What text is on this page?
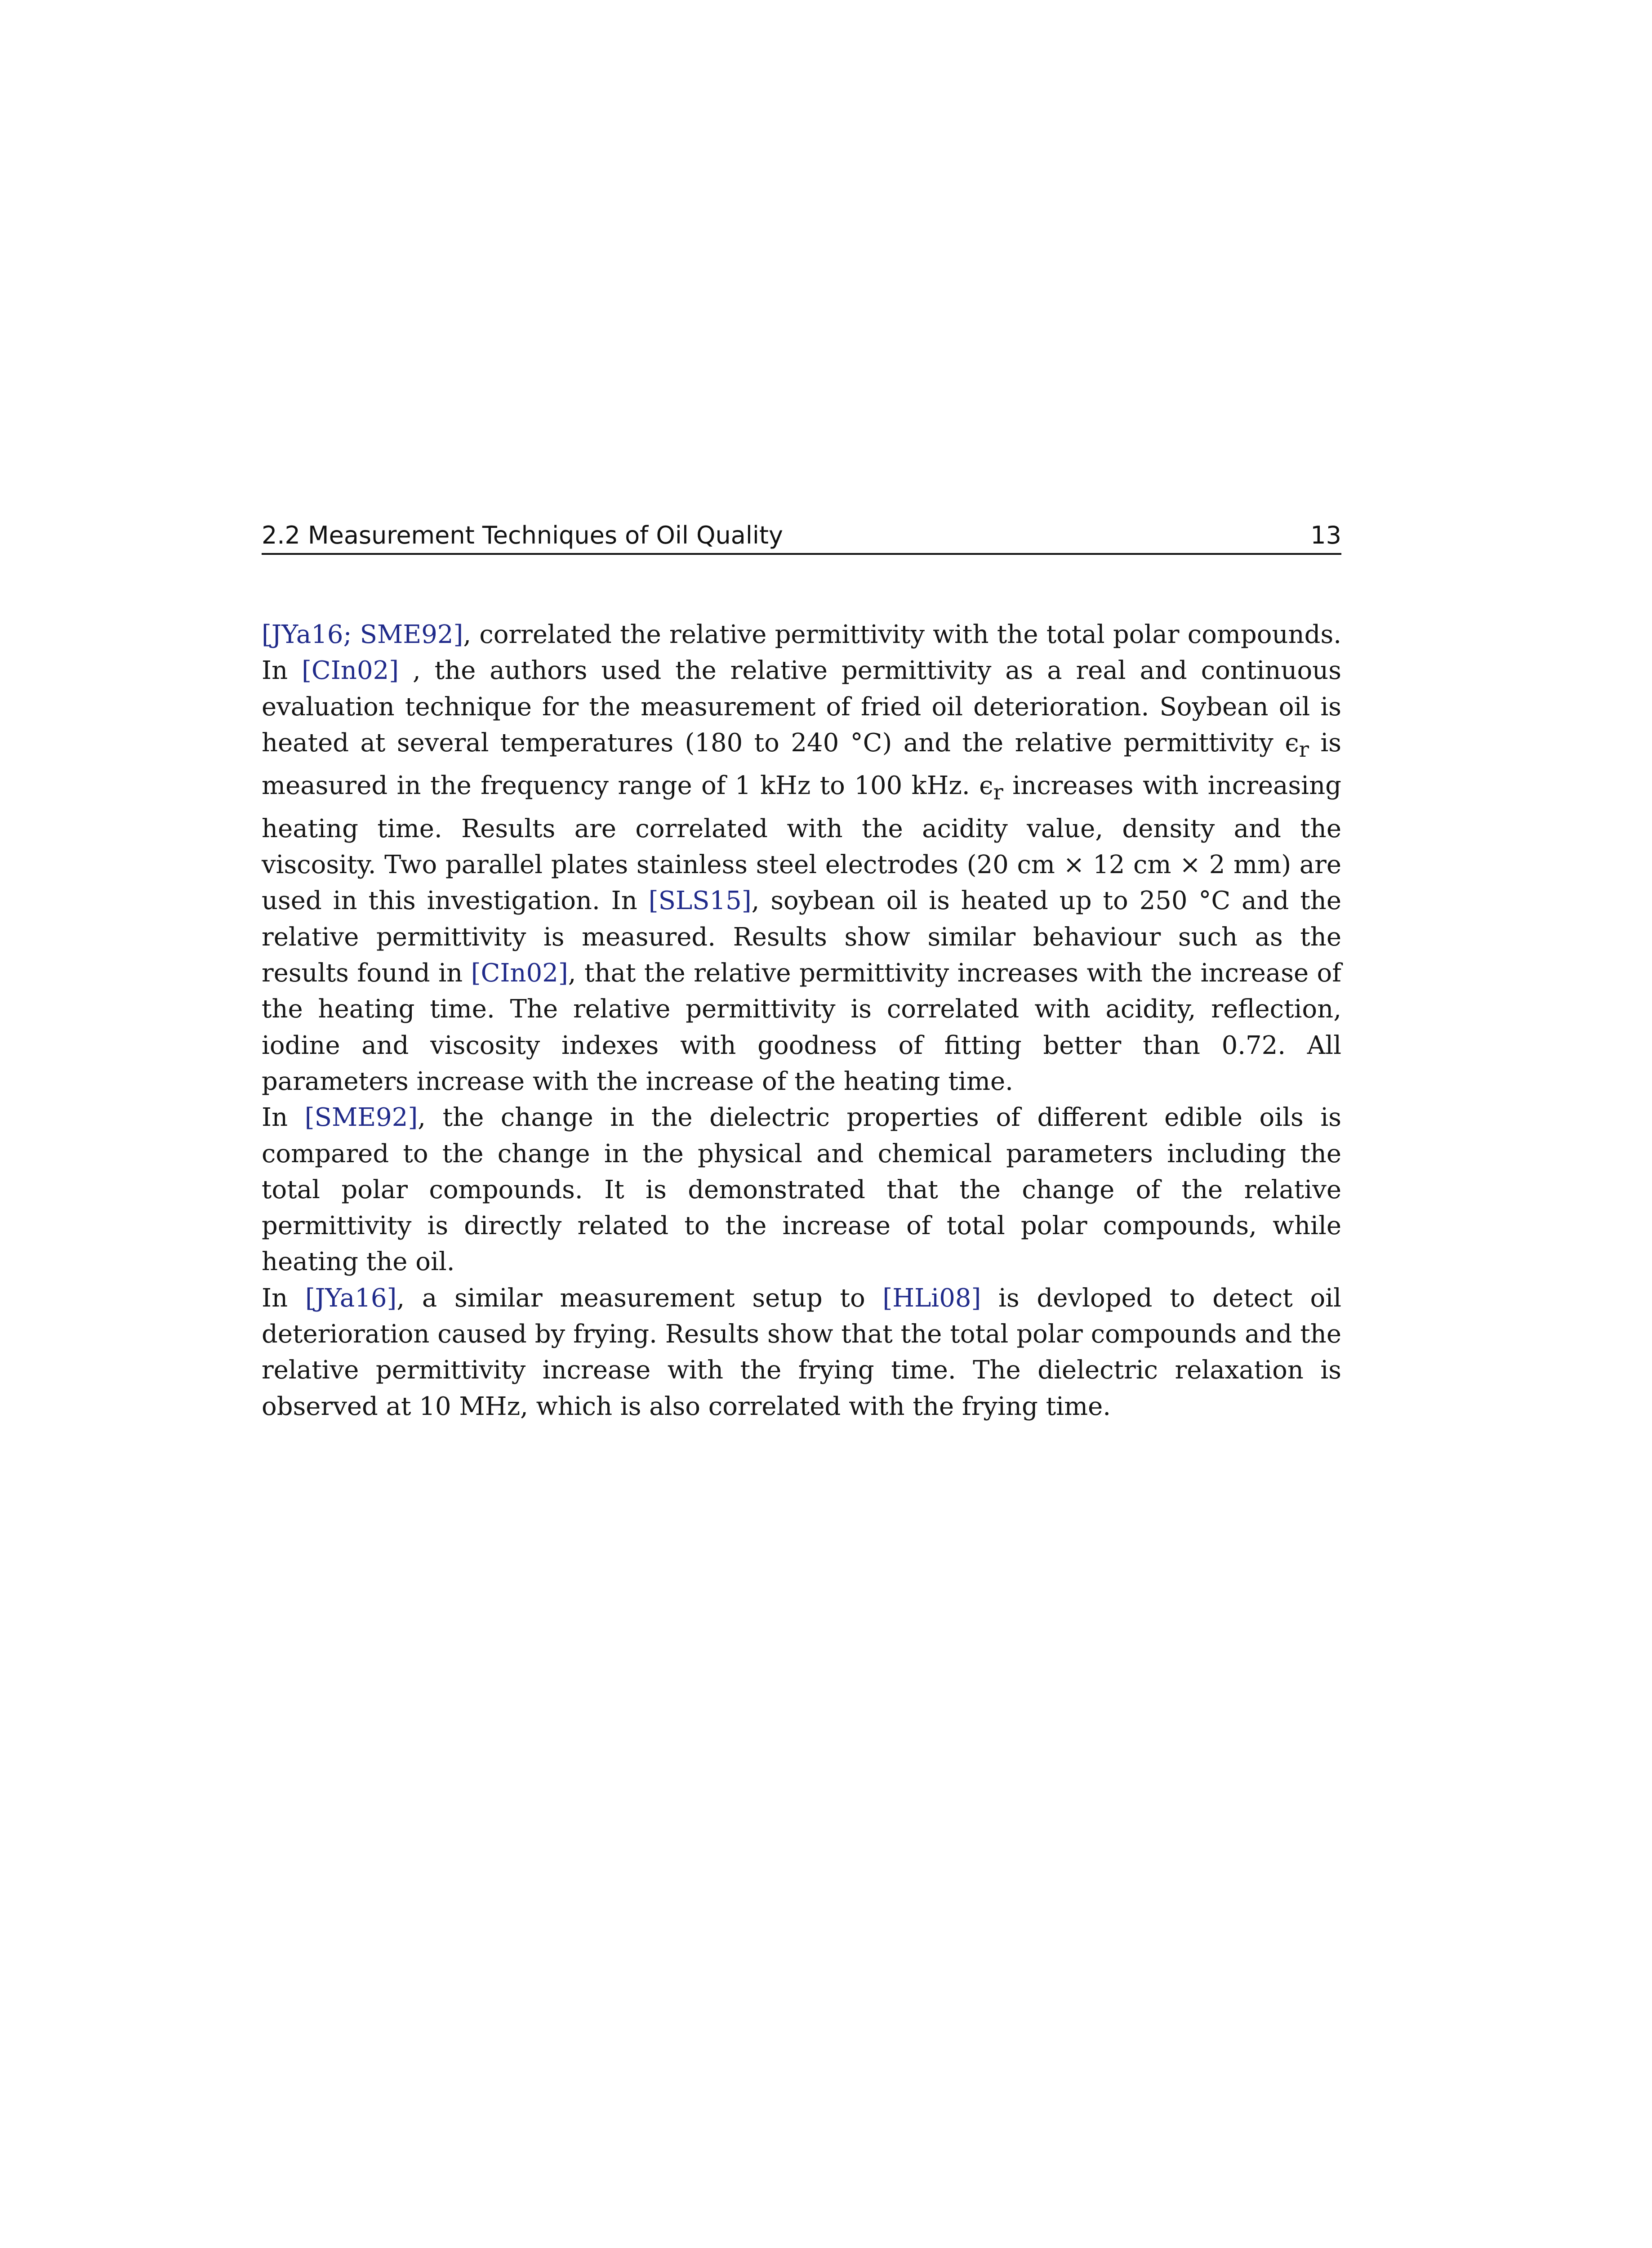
2.2 Measurement Techniques of Oil Quality	13

[JYa16; SME92], correlated the relative permittivity with the total polar compounds. In [CIn02] , the authors used the relative permittivity as a real and continuous evaluation technique for the measurement of fried oil deterioration. Soybean oil is heated at several temperatures (180 to 240 °C) and the relative permittivity $\epsilon_r$ is measured in the frequency range of 1 kHz to 100 kHz. $\epsilon_r$ increases with increasing heating time. Results are correlated with the acidity value, density and the viscosity. Two parallel plates stainless steel electrodes (20 cm × 12 cm × 2 mm) are used in this investigation. In [SLS15], soybean oil is heated up to 250 °C and the relative permittivity is measured. Results show similar behaviour such as the results found in [CIn02], that the relative permittivity increases with the increase of the heating time. The relative permittivity is correlated with acidity, reflection, iodine and viscosity indexes with goodness of fitting better than 0.72. All parameters increase with the increase of the heating time.

In [SME92], the change in the dielectric properties of different edible oils is compared to the change in the physical and chemical parameters including the total polar compounds. It is demonstrated that the change of the relative permittivity is directly related to the increase of total polar compounds, while heating the oil.

In [JYa16], a similar measurement setup to [HLi08] is devloped to detect oil deterioration caused by frying. Results show that the total polar compounds and the relative permittivity increase with the frying time. The dielectric relaxation is observed at 10 MHz, which is also correlated with the frying time.
